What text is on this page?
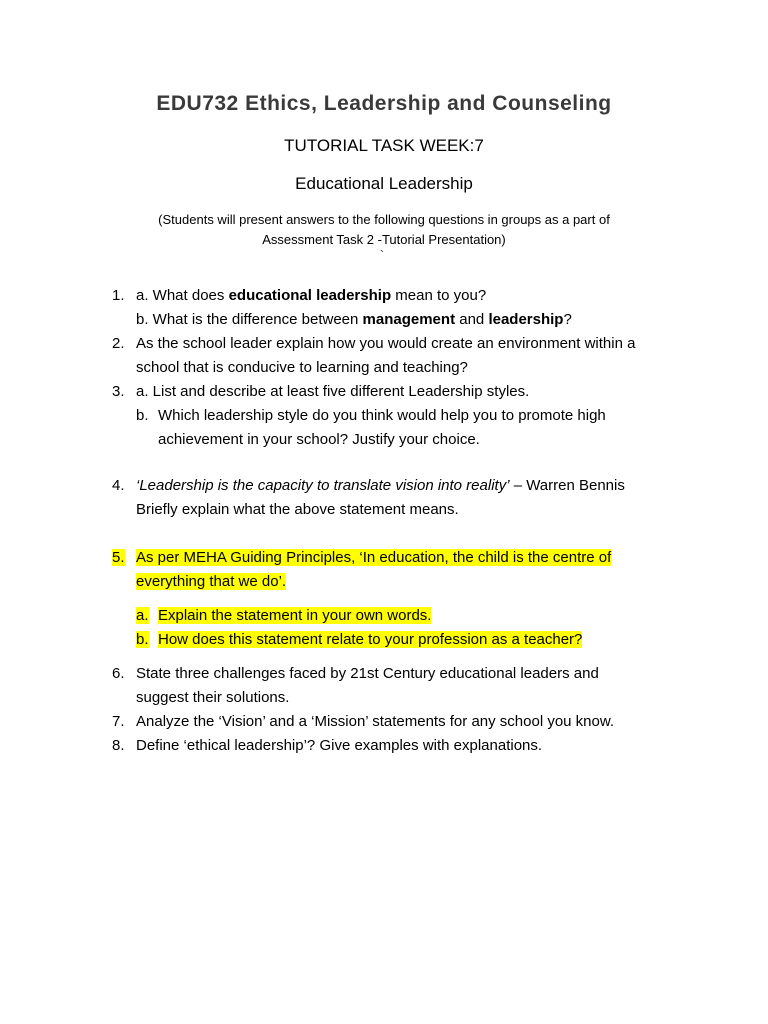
EDU732 Ethics, Leadership and Counseling
TUTORIAL TASK WEEK:7
Educational Leadership
(Students will present answers to the following questions in groups as a part of
Assessment Task 2 -Tutorial Presentation)
`
1. a. What does educational leadership mean to you?
b. What is the difference between management and leadership?
2. As the school leader explain how you would create an environment within a
school that is conducive to learning and teaching?
3. a. List and describe at least five different Leadership styles.
b. Which leadership style do you think would help you to promote high
achievement in your school? Justify your choice.
4. ‘Leadership is the capacity to translate vision into reality’ – Warren Bennis
Briefly explain what the above statement means.
5. As per MEHA Guiding Principles, ‘In education, the child is the centre of
everything that we do’.
a. Explain the statement in your own words.
b. How does this statement relate to your profession as a teacher?
6. State three challenges faced by 21st Century educational leaders and
suggest their solutions.
7. Analyze the ‘Vision’ and a ‘Mission’ statements for any school you know.
8. Define ‘ethical leadership’? Give examples with explanations.
